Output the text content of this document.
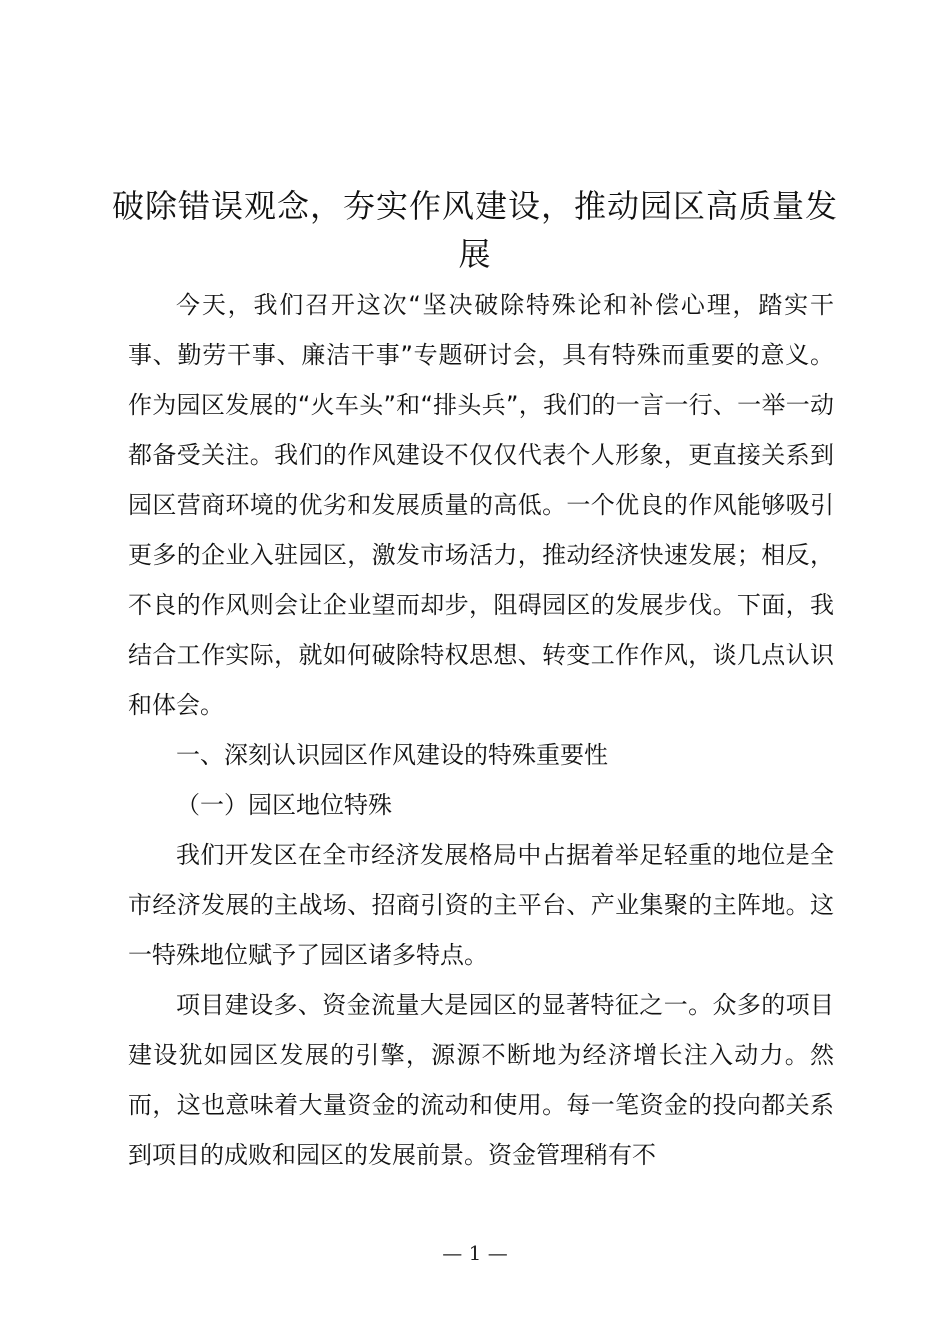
破除错误观念，夯实作风建设，推动园区高质量发展

今天，我们召开这次“坚决破除特殊论和补偿心理，踏实干事、勤劳干事、廉洁干事”专题研讨会，具有特殊而重要的意义。作为园区发展的“火车头”和“排头兵”，我们的一言一行、一举一动都备受关注。我们的作风建设不仅仅代表个人形象，更直接关系到园区营商环境的优劣和发展质量的高低。一个优良的作风能够吸引更多的企业入驻园区，激发市场活力，推动经济快速发展；相反，不良的作风则会让企业望而却步，阻碍园区的发展步伐。下面，我结合工作实际，就如何破除特权思想、转变工作作风，谈几点认识和体会。

一、深刻认识园区作风建设的特殊重要性

（一）园区地位特殊

我们开发区在全市经济发展格局中占据着举足轻重的地位是全市经济发展的主战场、招商引资的主平台、产业集聚的主阵地。这一特殊地位赋予了园区诸多特点。

项目建设多、资金流量大是园区的显著特征之一。众多的项目建设犹如园区发展的引擎，源源不断地为经济增长注入动力。然而，这也意味着大量资金的流动和使用。每一笔资金的投向都关系到项目的成败和园区的发展前景。资金管理稍有不

— 1 —
